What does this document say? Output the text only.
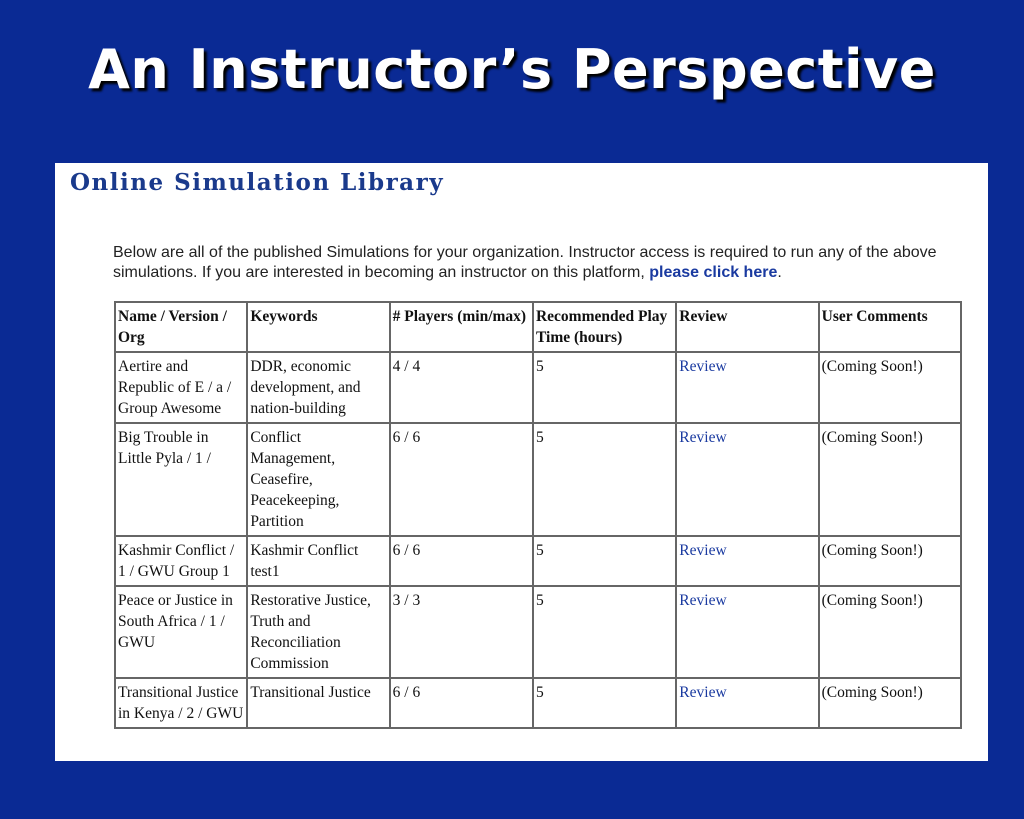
An Instructor’s Perspective
Online Simulation Library
Below are all of the published Simulations for your organization. Instructor access is required to run any of the above simulations. If you are interested in becoming an instructor on this platform, please click here.
Name / Version / Org	Keywords	# Players (min/max)	Recommended Play Time (hours)	Review	User Comments
Aertire and Republic of E / a / Group Awesome	DDR, economic development, and nation-building	4 / 4	5	Review	(Coming Soon!)
Big Trouble in Little Pyla / 1 /	Conflict Management, Ceasefire, Peacekeeping, Partition	6 / 6	5	Review	(Coming Soon!)
Kashmir Conflict / 1 / GWU Group 1	Kashmir Conflict test1	6 / 6	5	Review	(Coming Soon!)
Peace or Justice in South Africa / 1 / GWU	Restorative Justice, Truth and Reconciliation Commission	3 / 3	5	Review	(Coming Soon!)
Transitional Justice in Kenya / 2 / GWU	Transitional Justice	6 / 6	5	Review	(Coming Soon!)
